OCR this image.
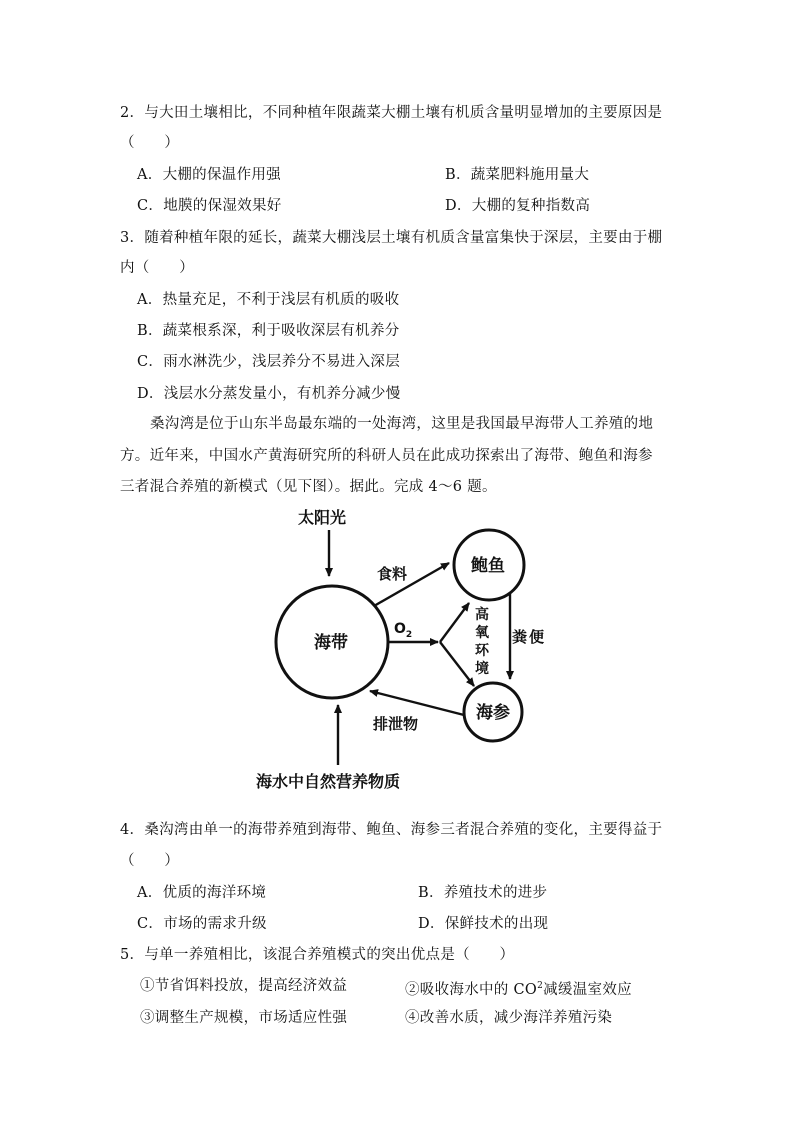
2．与大田土壤相比，不同种植年限蔬菜大棚土壤有机质含量明显增加的主要原因是
（　　）
A．大棚的保温作用强	B．蔬菜肥料施用量大
C．地膜的保湿效果好	D．大棚的复种指数高
3．随着种植年限的延长，蔬菜大棚浅层土壤有机质含量富集快于深层，主要由于棚
内（　　）
A．热量充足，不利于浅层有机质的吸收
B．蔬菜根系深，利于吸收深层有机养分
C．雨水淋洗少，浅层养分不易进入深层
D．浅层水分蒸发量小，有机养分减少慢
桑沟湾是位于山东半岛最东端的一处海湾，这里是我国最早海带人工养殖的地
方。近年来，中国水产黄海研究所的科研人员在此成功探索出了海带、鲍鱼和海参
三者混合养殖的新模式（见下图）。据此。完成 4～6 题。
太阳光
海带
鲍鱼
海参
食料
$O_2$
高
氧
环
境
粪 便
排泄物
海水中自然营养物质
4．桑沟湾由单一的海带养殖到海带、鲍鱼、海参三者混合养殖的变化，主要得益于
（　　）
A．优质的海洋环境	B．养殖技术的进步
C．市场的需求升级	D．保鲜技术的出现
5．与单一养殖相比，该混合养殖模式的突出优点是（　　）
①节省饵料投放，提高经济效益	②吸收海水中的 $CO^2$减缓温室效应
③调整生产规模，市场适应性强	④改善水质，减少海洋养殖污染
